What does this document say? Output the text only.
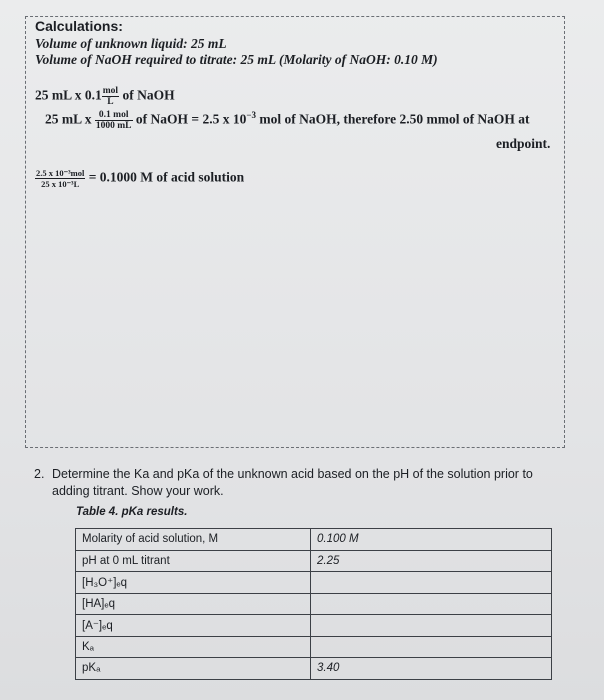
Calculations:
Volume of unknown liquid: 25 mL
Volume of NaOH required to titrate: 25 mL (Molarity of NaOH: 0.10 M)
25 mL x $0.1 \frac{\text{mol}}{L}$ of NaOH
25 mL x $\frac{\text{0.1 mol}}{1000 mL}$ of NaOH = 2.5 x $10^{-3}$ mol of NaOH, therefore 2.50 mmol of NaOH at
endpoint.
$\frac{\text{2.5 x 10⁻³mol}}{\text{25 x 10⁻³L}} = 0.1000$ M of acid solution
2. Determine the Ka and pKa of the unknown acid based on the pH of the solution prior to
adding titrant. Show your work.
Table 4. pKa results.
Molarity of acid solution, M	0.100 M
pH at 0 mL titrant	2.25
[H₃O⁺]ₑq	
[HA]ₑq	
[A⁻]ₑq	
Kₐ	
pKₐ	3.40
